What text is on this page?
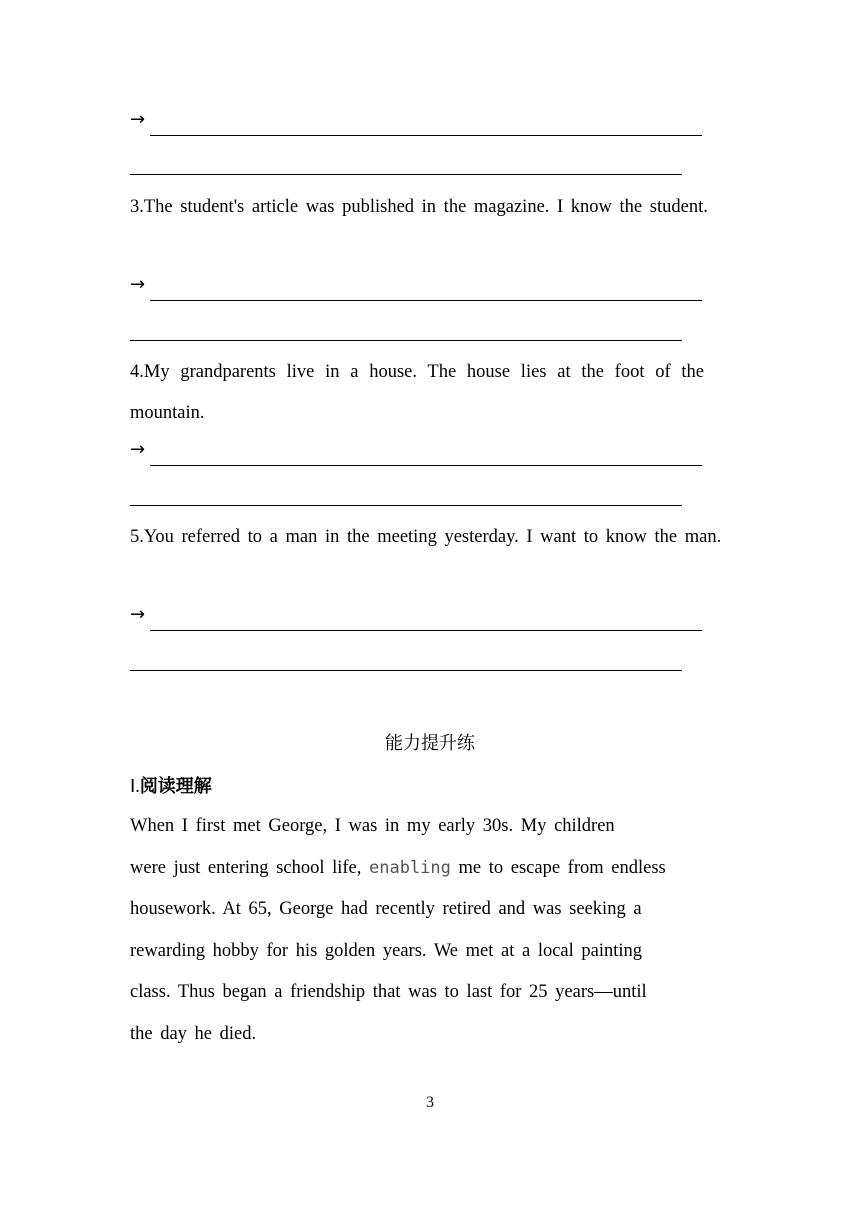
→
3.The student's article was published in the magazine. I know the student.
→
4.My grandparents live in a house. The house lies at the foot of the mountain.
→
5.You referred to a man in the meeting yesterday. I want to know the man.
→
能力提升练
Ⅰ.阅读理解
When I first met George, I was in my early 30s. My children
were just entering school life, enabling me to escape from endless
housework. At 65, George had recently retired and was seeking a
rewarding hobby for his golden years. We met at a local painting
class. Thus began a friendship that was to last for 25 years—until
the day he died.
3
